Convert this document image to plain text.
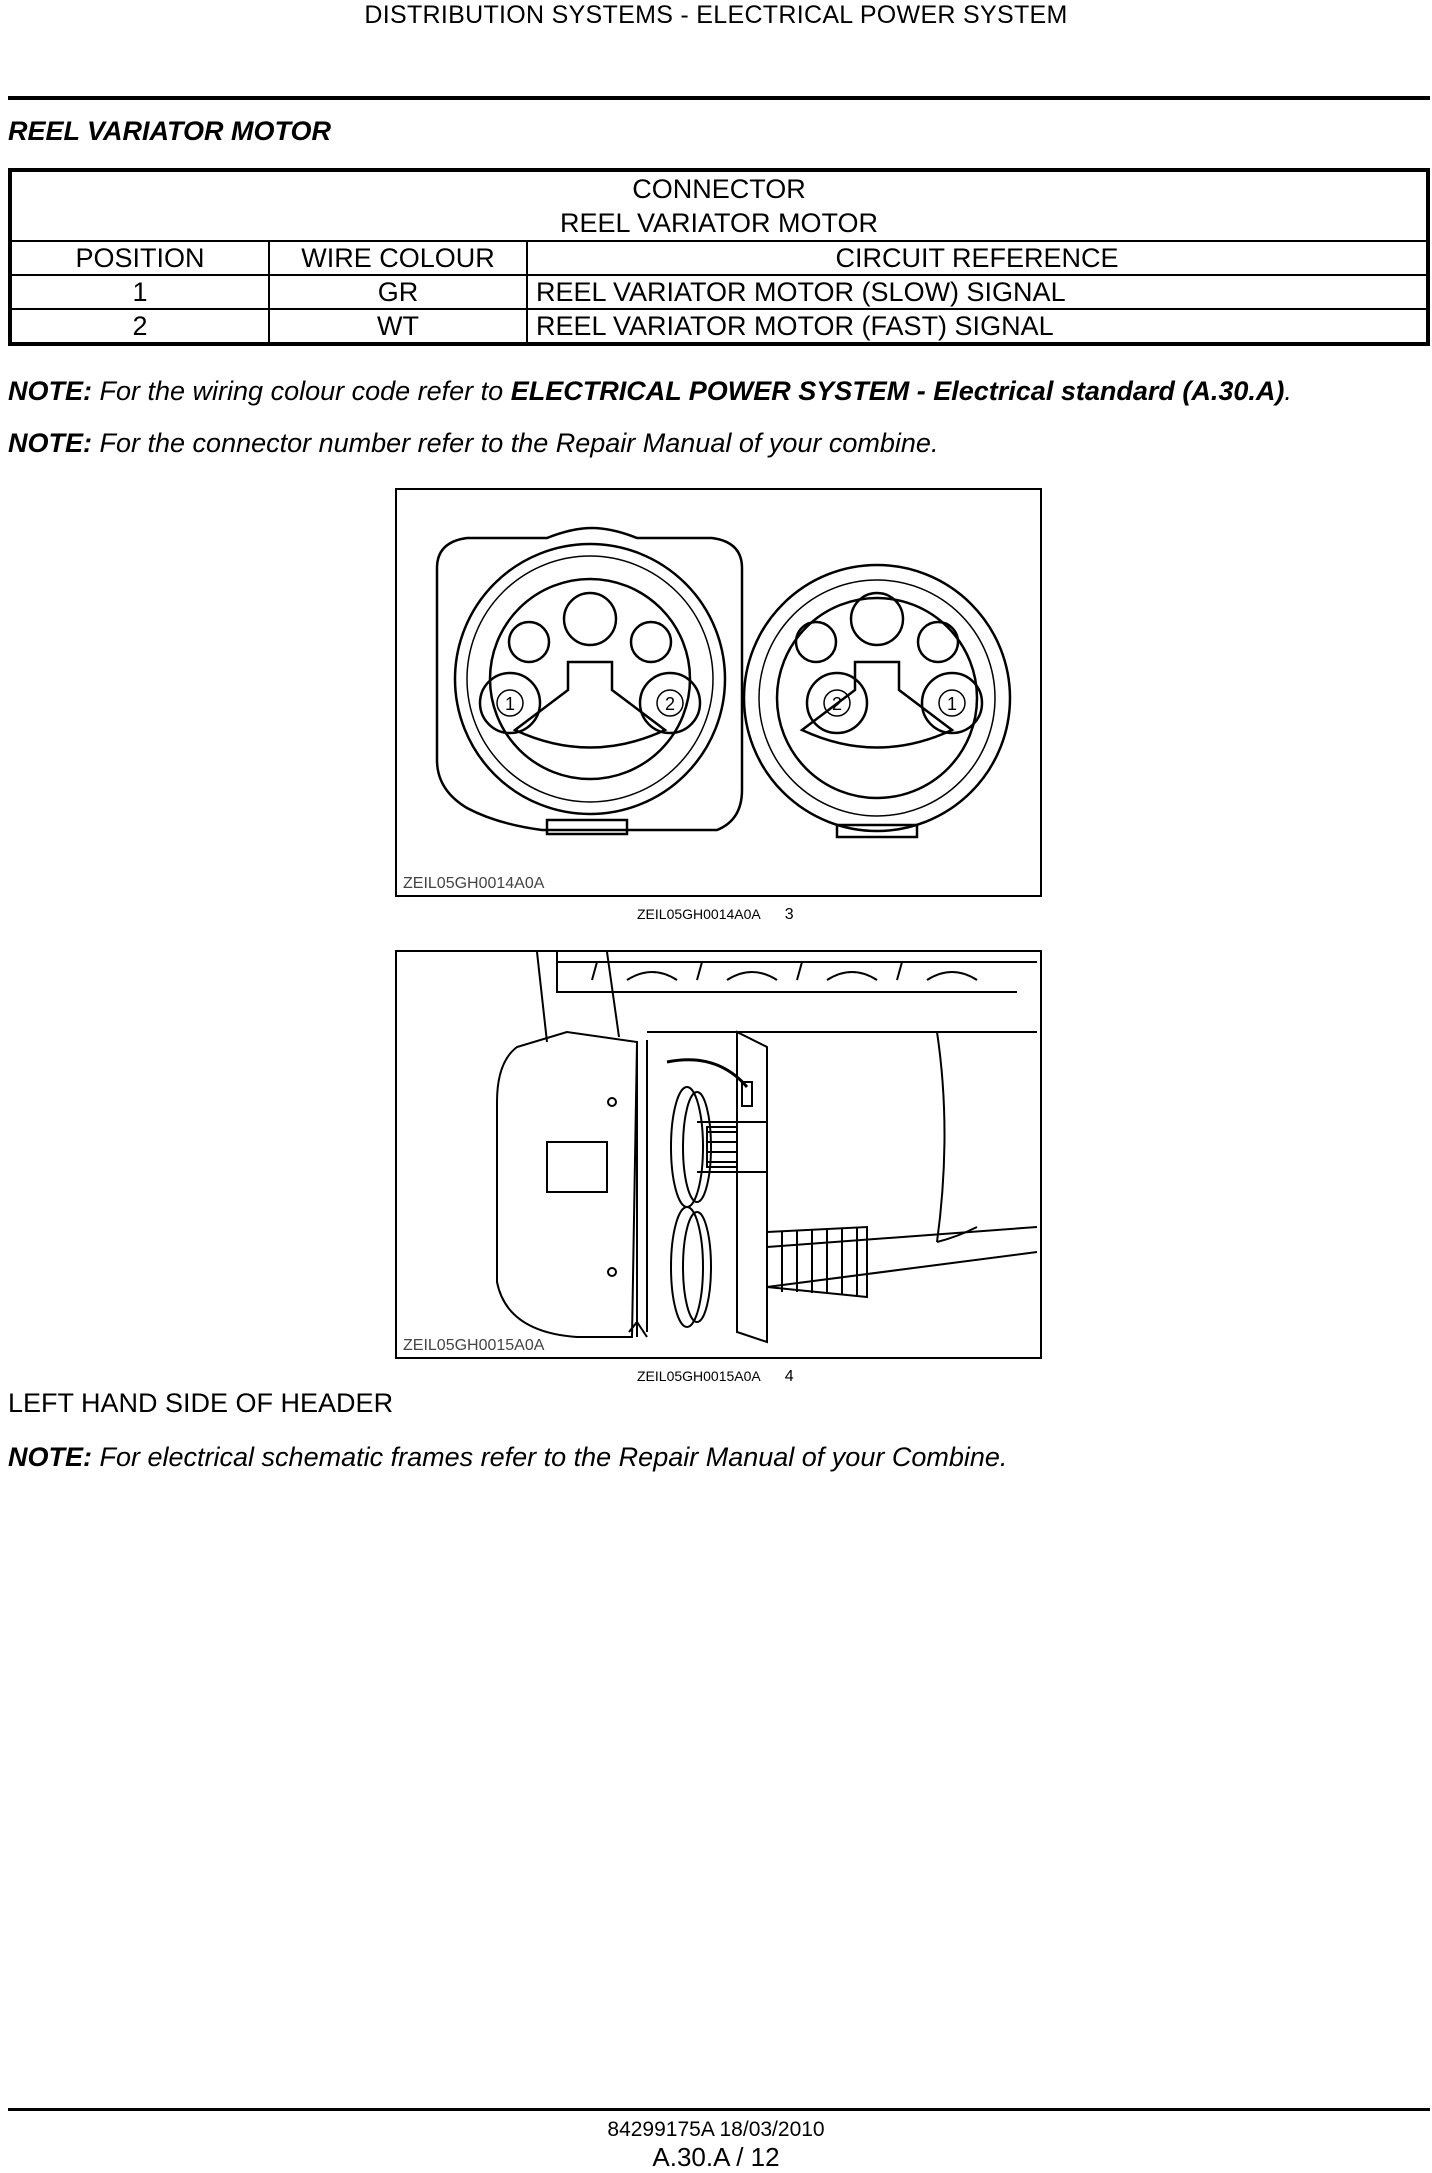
DISTRIBUTION SYSTEMS - ELECTRICAL POWER SYSTEM
REEL VARIATOR MOTOR
CONNECTOR
REEL VARIATOR MOTOR		

POSITION	WIRE COLOUR	CIRCUIT REFERENCE
1	GR	REEL VARIATOR MOTOR (SLOW) SIGNAL
2	WT	REEL VARIATOR MOTOR (FAST) SIGNAL
NOTE: For the wiring colour code refer to ELECTRICAL POWER SYSTEM - Electrical standard (A.30.A).
NOTE: For the connector number refer to the Repair Manual of your combine.
1	2	2	1
ZEIL05GH0014A0A
ZEIL05GH0014A0A 3
ZEIL05GH0015A0A
ZEIL05GH0015A0A 4
LEFT HAND SIDE OF HEADER
NOTE: For electrical schematic frames refer to the Repair Manual of your Combine.
84299175A 18/03/2010
A.30.A / 12
